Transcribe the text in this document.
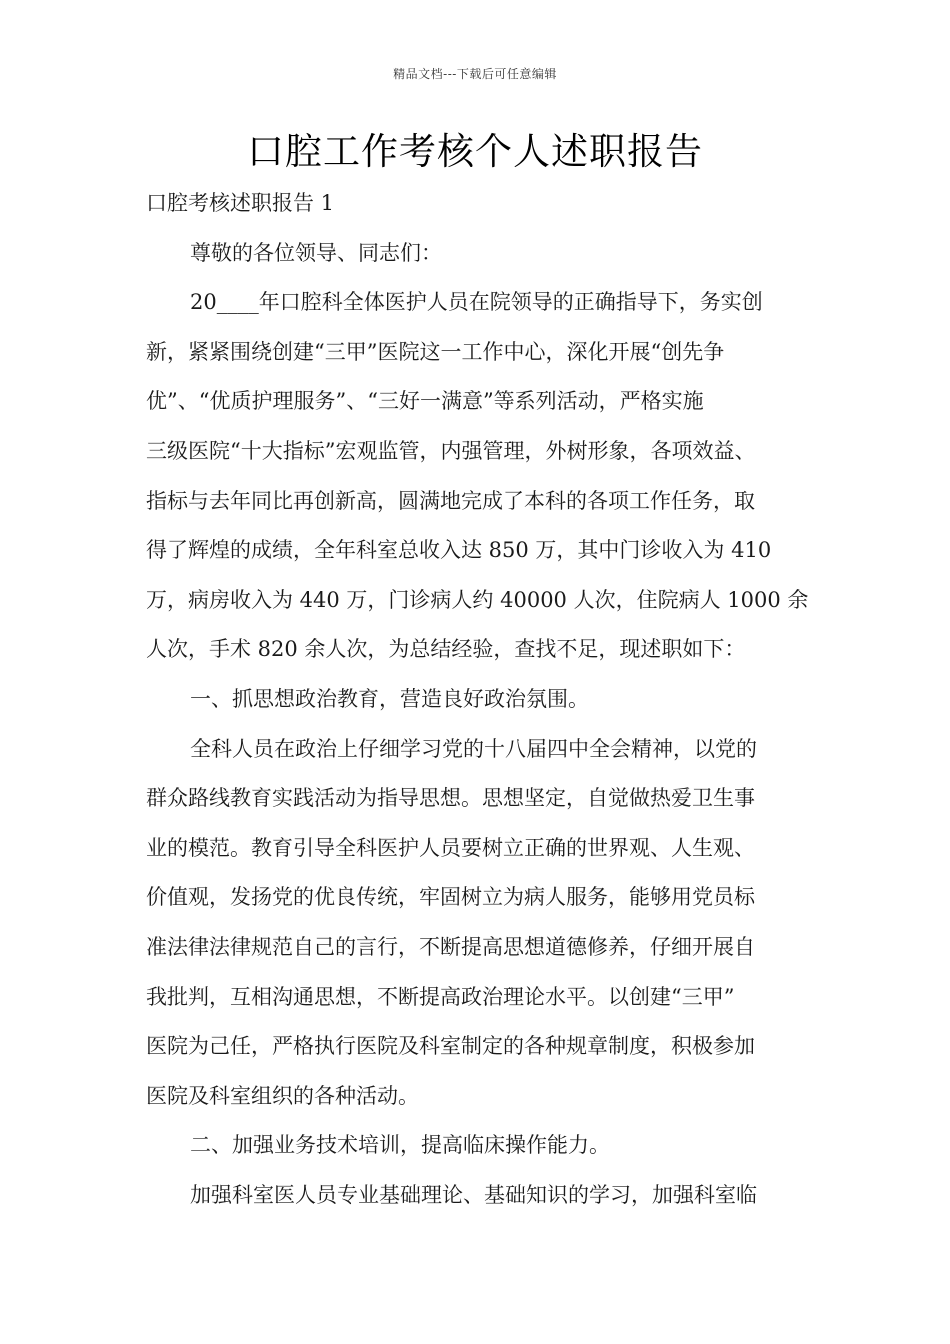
精品文档---下载后可任意编辑
口腔工作考核个人述职报告
口腔考核述职报告 1
尊敬的各位领导、同志们：
20____年口腔科全体医护人员在院领导的正确指导下，务实创
新，紧紧围绕创建“三甲”医院这一工作中心，深化开展“创先争
优”、“优质护理服务”、“三好一满意”等系列活动，严格实施
三级医院“十大指标”宏观监管，内强管理，外树形象，各项效益、
指标与去年同比再创新高，圆满地完成了本科的各项工作任务，取
得了辉煌的成绩，全年科室总收入达 850 万，其中门诊收入为 410
万，病房收入为 440 万，门诊病人约 40000 人次，住院病人 1000 余
人次，手术 820 余人次，为总结经验，查找不足，现述职如下：
一、抓思想政治教育，营造良好政治氛围。
全科人员在政治上仔细学习党的十八届四中全会精神，以党的
群众路线教育实践活动为指导思想。思想坚定，自觉做热爱卫生事
业的模范。教育引导全科医护人员要树立正确的世界观、人生观、
价值观，发扬党的优良传统，牢固树立为病人服务，能够用党员标
准法律法律规范自己的言行，不断提高思想道德修养，仔细开展自
我批判，互相沟通思想，不断提高政治理论水平。以创建“三甲”
医院为己任，严格执行医院及科室制定的各种规章制度，积极参加
医院及科室组织的各种活动。
二、加强业务技术培训，提高临床操作能力。
加强科室医人员专业基础理论、基础知识的学习，加强科室临
